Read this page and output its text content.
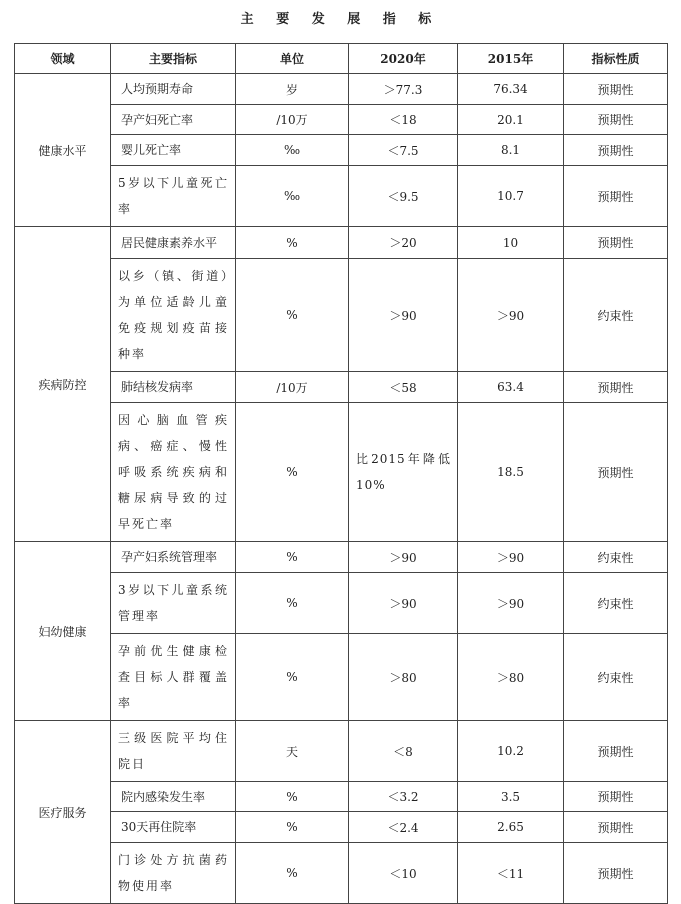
主 要 发 展 指 标
领域	主要指标	单位	2020年	2015年	指标性质
健康水平	人均预期寿命	岁	＞77.3	76.34	预期性
	孕产妇死亡率	/10万	＜18	20.1	预期性
	婴儿死亡率	‰	＜7.5	8.1	预期性
	5岁以下儿童死亡率	‰	＜9.5	10.7	预期性
疾病防控	居民健康素养水平	%	＞20	10	预期性
	以乡（镇、街道）为单位适龄儿童免疫规划疫苗接种率	%	＞90	＞90	约束性
	肺结核发病率	/10万	＜58	63.4	预期性
	因心脑血管疾病、癌症、慢性呼吸系统疾病和糖尿病导致的过早死亡率	%	比2015年降低10%	18.5	预期性
妇幼健康	孕产妇系统管理率	%	＞90	＞90	约束性
	3岁以下儿童系统管理率	%	＞90	＞90	约束性
	孕前优生健康检查目标人群覆盖率	%	＞80	＞80	约束性
医疗服务	三级医院平均住院日	天	＜8	10.2	预期性
	院内感染发生率	%	＜3.2	3.5	预期性
	30天再住院率	%	＜2.4	2.65	预期性
	门诊处方抗菌药物使用率	%	＜10	＜11	预期性
